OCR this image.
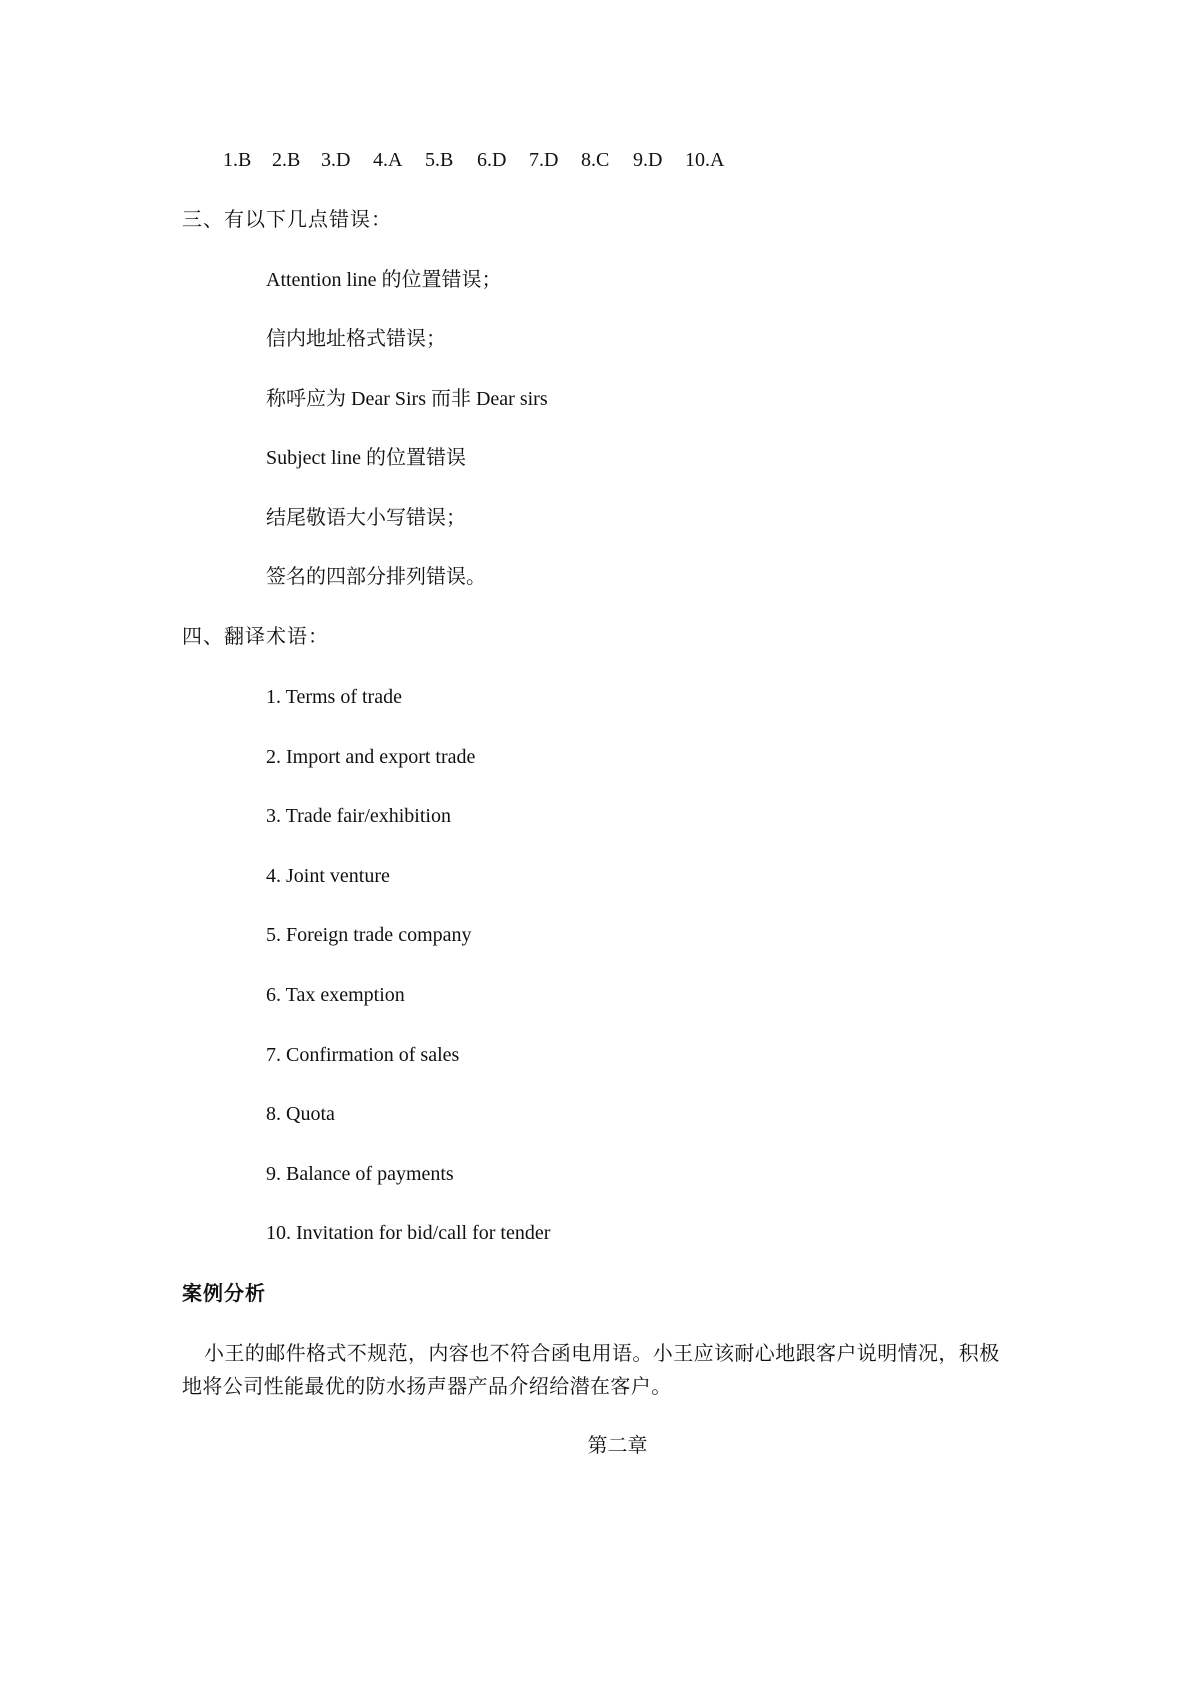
1.B	2.B	3.D	4.A	5.B	6.D	7.D	8.C	9.D	10.A
三、有以下几点错误：
Attention line 的位置错误；
信内地址格式错误；
称呼应为 Dear Sirs 而非 Dear sirs
Subject line 的位置错误
结尾敬语大小写错误；
签名的四部分排列错误。
四、翻译术语：
1. Terms of trade
2. Import and export trade
3. Trade fair/exhibition
4. Joint venture
5. Foreign trade company
6. Tax exemption
7. Confirmation of sales
8. Quota
9. Balance of payments
10. Invitation for bid/call for tender
案例分析
小王的邮件格式不规范，内容也不符合函电用语。小王应该耐心地跟客户说明情况，积极地将公司性能最优的防水扬声器产品介绍给潜在客户。
第二章
